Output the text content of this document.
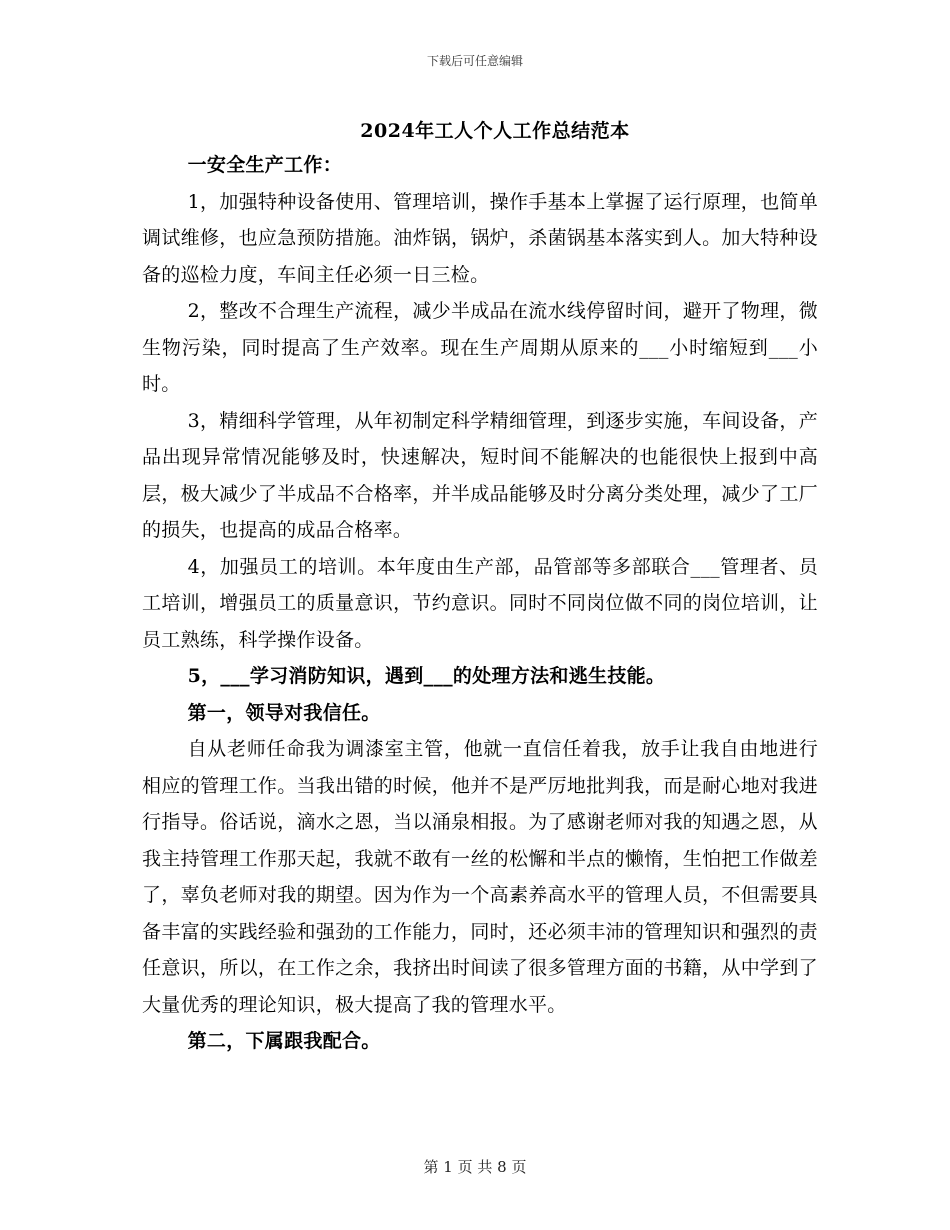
下载后可任意编辑
2024年工人个人工作总结范本

一安全生产工作：

1，加强特种设备使用、管理培训，操作手基本上掌握了运行原理，也简单调试维修，也应急预防措施。油炸锅，锅炉，杀菌锅基本落实到人。加大特种设备的巡检力度，车间主任必须一日三检。

2，整改不合理生产流程，减少半成品在流水线停留时间，避开了物理，微生物污染，同时提高了生产效率。现在生产周期从原来的___小时缩短到___小时。

3，精细科学管理，从年初制定科学精细管理，到逐步实施，车间设备，产品出现异常情况能够及时，快速解决，短时间不能解决的也能很快上报到中高层，极大减少了半成品不合格率，并半成品能够及时分离分类处理，减少了工厂的损失，也提高的成品合格率。

4，加强员工的培训。本年度由生产部，品管部等多部联合___管理者、员工培训，增强员工的质量意识，节约意识。同时不同岗位做不同的岗位培训，让员工熟练，科学操作设备。

5，___学习消防知识，遇到___的处理方法和逃生技能。

第一，领导对我信任。

自从老师任命我为调漆室主管，他就一直信任着我，放手让我自由地进行相应的管理工作。当我出错的时候，他并不是严厉地批判我，而是耐心地对我进行指导。俗话说，滴水之恩，当以涌泉相报。为了感谢老师对我的知遇之恩，从我主持管理工作那天起，我就不敢有一丝的松懈和半点的懒惰，生怕把工作做差了，辜负老师对我的期望。因为作为一个高素养高水平的管理人员，不但需要具备丰富的实践经验和强劲的工作能力，同时，还必须丰沛的管理知识和强烈的责任意识，所以，在工作之余，我挤出时间读了很多管理方面的书籍，从中学到了大量优秀的理论知识，极大提高了我的管理水平。

第二，下属跟我配合。

第 1 页 共 8 页
